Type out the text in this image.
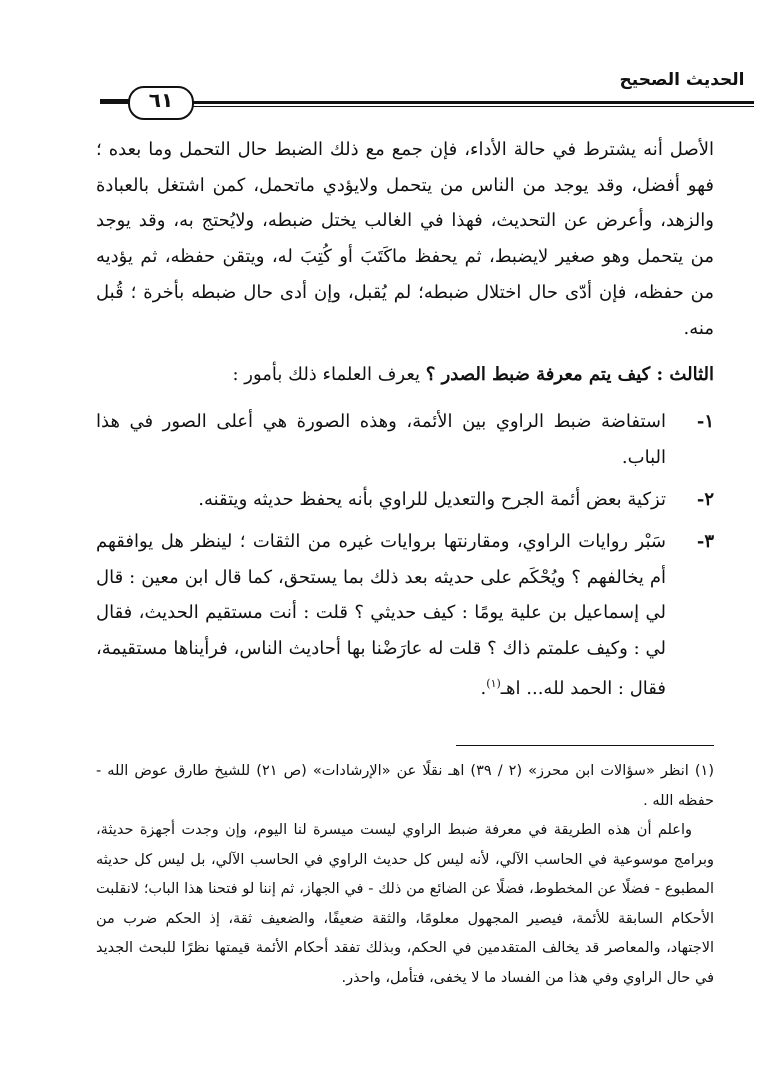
الحديث الصحيح
٦١

الأصل أنه يشترط في حالة الأداء، فإن جمع مع ذلك الضبط حال التحمل وما بعده ؛ فهو أفضل، وقد يوجد من الناس من يتحمل ولايؤدي ماتحمل، كمن اشتغل بالعبادة والزهد، وأعرض عن التحديث، فهذا في الغالب يختل ضبطه، ولايُحتج به، وقد يوجد من يتحمل وهو صغير لايضبط، ثم يحفظ ماكَتَبَ أو كُتِبَ له، ويتقن حفظه، ثم يؤديه من حفظه، فإن أدّى حال اختلال ضبطه؛ لم يُقبل، وإن أدى حال ضبطه بأخرة ؛ قُبل منه.

الثالث : كيف يتم معرفة ضبط الصدر ؟ يعرف العلماء ذلك بأمور :

١-
استفاضة ضبط الراوي بين الأئمة، وهذه الصورة هي أعلى الصور في هذا الباب.
٢-
تزكية بعض أئمة الجرح والتعديل للراوي بأنه يحفظ حديثه ويتقنه.
٣-
سَبْر روايات الراوي، ومقارنتها بروايات غيره من الثقات ؛ لينظر هل يوافقهم أم يخالفهم ؟ ويُحْكَم على حديثه بعد ذلك بما يستحق، كما قال ابن معين : قال لي إسماعيل بن علية يومًا : كيف حديثي ؟ قلت : أنت مستقيم الحديث، فقال لي : وكيف علمتم ذاك ؟ قلت له عارَضْنا بها أحاديث الناس، فرأيناها مستقيمة، فقال : الحمد لله... اهـ$^{(١)}$.

(١) انظر «سؤالات ابن محرز» (٢ / ٣٩) اهـ نقلًا عن «الإرشادات» (ص ٢١) للشيخ طارق عوض الله - حفظه الله .

واعلم أن هذه الطريقة في معرفة ضبط الراوي ليست ميسرة لنا اليوم، وإن وجدت أجهزة حديثة، وبرامج موسوعية في الحاسب الآلي، لأنه ليس كل حديث الراوي في الحاسب الآلي، بل ليس كل حديثه المطبوع - فضلًا عن المخطوط، فضلًا عن الضائع من ذلك - في الجهاز، ثم إننا لو فتحنا هذا الباب؛ لانقلبت الأحكام السابقة للأئمة، فيصير المجهول معلومًا، والثقة ضعيفًا، والضعيف ثقة، إذ الحكم ضرب من الاجتهاد، والمعاصر قد يخالف المتقدمين في الحكم، وبذلك تفقد أحكام الأئمة قيمتها نظرًا للبحث الجديد في حال الراوي وفي هذا من الفساد ما لا يخفى، فتأمل، واحذر.
